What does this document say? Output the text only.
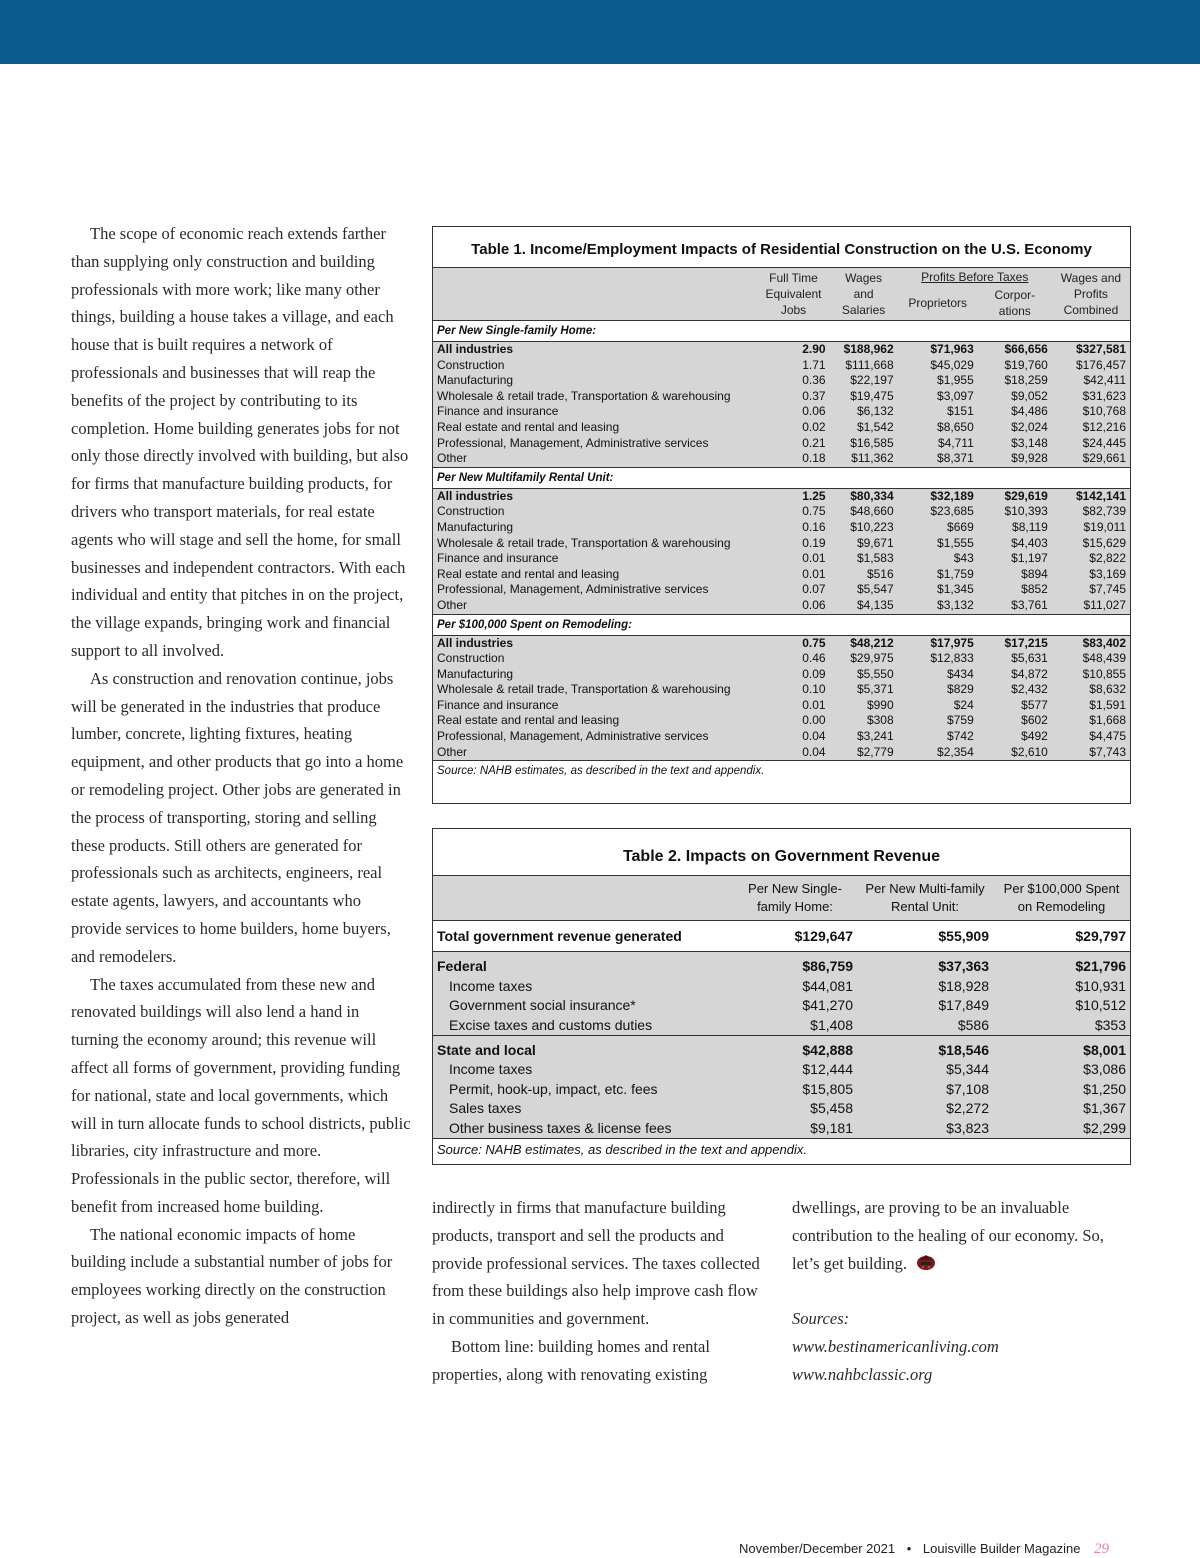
The scope of economic reach extends farther than supplying only construction and building professionals with more work; like many other things, building a house takes a village, and each house that is built requires a network of professionals and businesses that will reap the benefits of the project by contributing to its completion. Home building generates jobs for not only those directly involved with building, but also for firms that manufacture building products, for drivers who transport materials, for real estate agents who will stage and sell the home, for small businesses and independent contractors. With each individual and entity that pitches in on the project, the village expands, bringing work and financial support to all involved.

As construction and renovation continue, jobs will be generated in the industries that produce lumber, concrete, lighting fixtures, heating equipment, and other products that go into a home or remodeling project. Other jobs are generated in the process of transporting, storing and selling these products. Still others are generated for professionals such as architects, engineers, real estate agents, lawyers, and accountants who provide services to home builders, home buyers, and remodelers.

The taxes accumulated from these new and renovated buildings will also lend a hand in turning the economy around; this revenue will affect all forms of government, providing funding for national, state and local governments, which will in turn allocate funds to school districts, public libraries, city infrastructure and more. Professionals in the public sector, therefore, will benefit from increased home building.

The national economic impacts of home building include a substantial number of jobs for employees working directly on the construction project, as well as jobs generated

Table 1. Income/Employment Impacts of Residential Construction on the U.S. Economy
	Full Time Equivalent Jobs	Wages and Salaries	Profits Before Taxes		Wages and Profits Combined
			Proprietors	Corpor- ations	
Per New Single-family Home:					
All industries	2.90	$188,962	$71,963	$66,656	$327,581
Construction	1.71	$111,668	$45,029	$19,760	$176,457
Manufacturing	0.36	$22,197	$1,955	$18,259	$42,411
Wholesale & retail trade, Transportation & warehousing	0.37	$19,475	$3,097	$9,052	$31,623
Finance and insurance	0.06	$6,132	$151	$4,486	$10,768
Real estate and rental and leasing	0.02	$1,542	$8,650	$2,024	$12,216
Professional, Management, Administrative services	0.21	$16,585	$4,711	$3,148	$24,445
Other	0.18	$11,362	$8,371	$9,928	$29,661
Per New Multifamily Rental Unit:					
All industries	1.25	$80,334	$32,189	$29,619	$142,141
Construction	0.75	$48,660	$23,685	$10,393	$82,739
Manufacturing	0.16	$10,223	$669	$8,119	$19,011
Wholesale & retail trade, Transportation & warehousing	0.19	$9,671	$1,555	$4,403	$15,629
Finance and insurance	0.01	$1,583	$43	$1,197	$2,822
Real estate and rental and leasing	0.01	$516	$1,759	$894	$3,169
Professional, Management, Administrative services	0.07	$5,547	$1,345	$852	$7,745
Other	0.06	$4,135	$3,132	$3,761	$11,027
Per $100,000 Spent on Remodeling:					
All industries	0.75	$48,212	$17,975	$17,215	$83,402
Construction	0.46	$29,975	$12,833	$5,631	$48,439
Manufacturing	0.09	$5,550	$434	$4,872	$10,855
Wholesale & retail trade, Transportation & warehousing	0.10	$5,371	$829	$2,432	$8,632
Finance and insurance	0.01	$990	$24	$577	$1,591
Real estate and rental and leasing	0.00	$308	$759	$602	$1,668
Professional, Management, Administrative services	0.04	$3,241	$742	$492	$4,475
Other	0.04	$2,779	$2,354	$2,610	$7,743
Source: NAHB estimates, as described in the text and appendix.					
Table 2. Impacts on Government Revenue
	Per New Single- family Home:	Per New Multi-family Rental Unit:	Per $100,000 Spent on Remodeling
Total government revenue generated	$129,647	$55,909	$29,797
Federal	$86,759	$37,363	$21,796
Income taxes	$44,081	$18,928	$10,931
Government social insurance*	$41,270	$17,849	$10,512
Excise taxes and customs duties	$1,408	$586	$353
State and local	$42,888	$18,546	$8,001
Income taxes	$12,444	$5,344	$3,086
Permit, hook-up, impact, etc. fees	$15,805	$7,108	$1,250
Sales taxes	$5,458	$2,272	$1,367
Other business taxes & license fees	$9,181	$3,823	$2,299
Source: NAHB estimates, as described in the text and appendix.			

indirectly in firms that manufacture building products, transport and sell the products and provide professional services. The taxes collected from these buildings also help improve cash flow in communities and government.

Bottom line: building homes and rental properties, along with renovating existing

dwellings, are proving to be an invaluable contribution to the healing of our economy. So, let’s get building.

Sources:

www.bestinamericanliving.com

www.nahbclassic.org

November/December 2021 • Louisville Builder Magazine 29
